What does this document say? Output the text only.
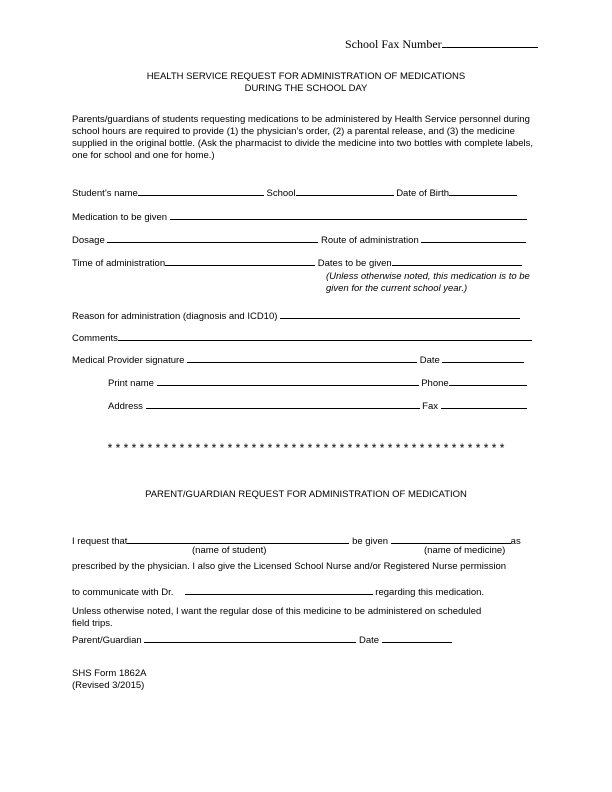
School Fax Number
HEALTH SERVICE REQUEST FOR ADMINISTRATION OF MEDICATIONS
DURING THE SCHOOL DAY
Parents/guardians of students requesting medications to be administered by Health Service personnel during school hours are required to provide (1) the physician’s order, (2) a parental release, and (3) the medicine supplied in the original bottle. (Ask the pharmacist to divide the medicine into two bottles with complete labels, one for school and one for home.)
Student’s name	School	Date of Birth
Medication to be given
Dosage	Route of administration
Time of administration	Dates to be given
(Unless otherwise noted, this medication is to be
given for the current school year.)
Reason for administration (diagnosis and ICD10)
Comments
Medical Provider signature	Date
Print name	Phone
Address	Fax
* * * * * * * * * * * * * * * * * * * * * * * * * * * * * * * * * * * * * * * * * * * * * * * * * *
PARENT/GUARDIAN REQUEST FOR ADMINISTRATION OF MEDICATION
I request that	be given	as
(name of student)	(name of medicine)
prescribed by the physician. I also give the Licensed School Nurse and/or Registered Nurse permission
to communicate with Dr.	regarding this medication.
Unless otherwise noted, I want the regular dose of this medicine to be administered on scheduled field trips.
Parent/Guardian	Date
SHS Form 1862A
(Revised 3/2015)
